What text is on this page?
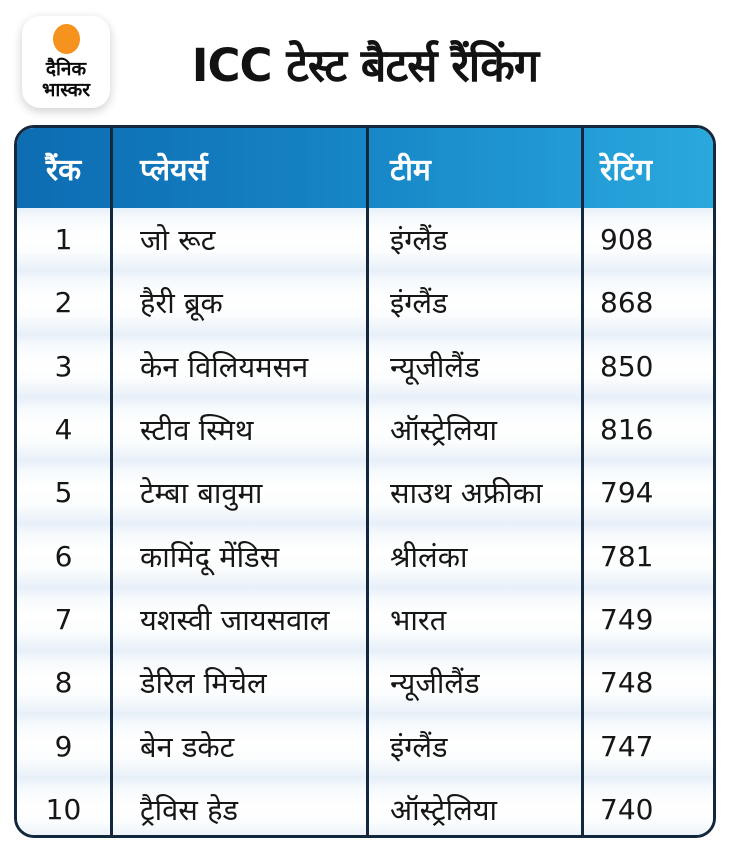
दैनिक
भास्कर	ICC टेस्ट बैटर्स रैंकिंग
रैंक	प्लेयर्स	टीम	रेटिंग
1	जो रूट	इंग्लैंड	908
2	हैरी ब्रूक	इंग्लैंड	868
3	केन विलियमसन	न्यूजीलैंड	850
4	स्टीव स्मिथ	ऑस्ट्रेलिया	816
5	टेम्बा बावुमा	साउथ अफ्रीका	794
6	कामिंदू मेंडिस	श्रीलंका	781
7	यशस्वी जायसवाल	भारत	749
8	डेरिल मिचेल	न्यूजीलैंड	748
9	बेन डकेट	इंग्लैंड	747
10	ट्रैविस हेड	ऑस्ट्रेलिया	740
